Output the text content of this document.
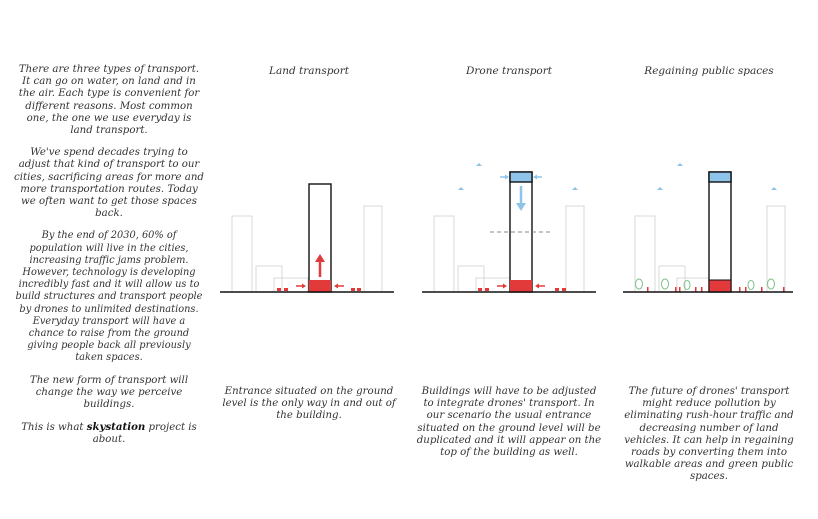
There are three types of transport. It can go on water, on land and in the air. Each type is convenient for different reasons. Most common one, the one we use everyday is land transport.

We've spend decades trying to adjust that kind of transport to our cities, sacrificing areas for more and more transportation routes. Today we often want to get those spaces back.

By the end of 2030, 60% of population will live in the cities, increasing traffic jams problem. However, technology is developing incredibly fast and it will allow us to build structures and transport people by drones to unlimited destinations. Everyday transport will have a chance to raise from the ground giving people back all previously taken spaces.

The new form of transport will change the way we perceive buildings.

This is what skystation project is about.

Land transport

Entrance situated on the ground level is the only way in and out of the building.

Drone transport

Buildings will have to be adjusted to integrate drones' transport. In our scenario the usual entrance situated on the ground level will be duplicated and it will appear on the top of the building as well.

Regaining public spaces

The future of drones' transport might reduce pollution by eliminating rush-hour traffic and decreasing number of land vehicles. It can help in regaining roads by converting them into walkable areas and green public spaces.
